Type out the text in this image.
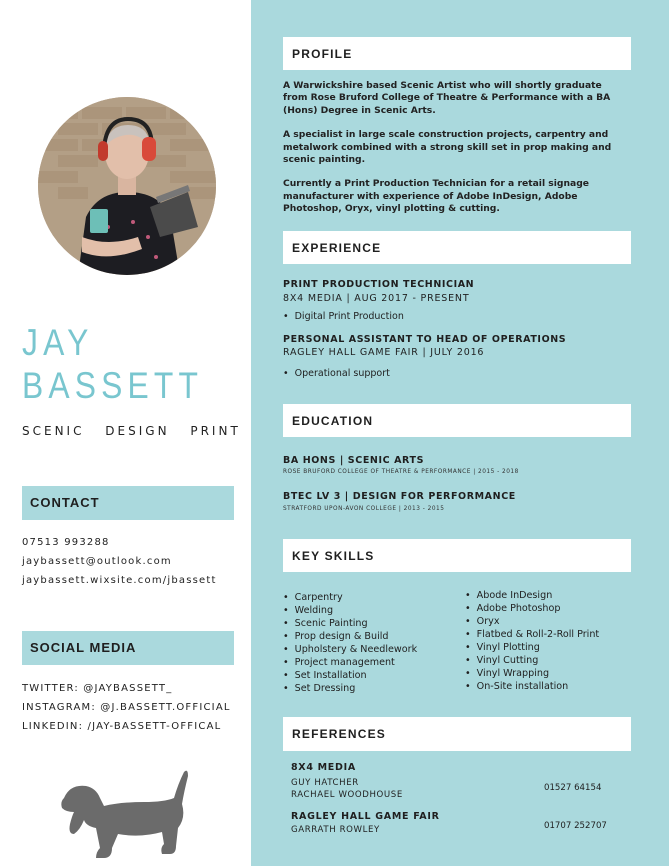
JAY
BASSETT
SCENIC DESIGN PRINT
CONTACT
07513 993288
jaybassett@outlook.com
jaybassett.wixsite.com/jbassett
SOCIAL MEDIA
TWITTER: @JAYBASSETT_
INSTAGRAM: @J.BASSETT.OFFICIAL
LINKEDIN: /JAY-BASSETT-OFFICAL
PROFILE

A Warwickshire based Scenic Artist who will shortly graduate from Rose Bruford College of Theatre & Performance with a BA (Hons) Degree in Scenic Arts.

A specialist in large scale construction projects, carpentry and metalwork combined with a strong skill set in prop making and scenic painting.

Currently a Print Production Technician for a retail signage manufacturer with experience of Adobe InDesign, Adobe Photoshop, Oryx, vinyl plotting & cutting.

EXPERIENCE
PRINT PRODUCTION TECHNICIAN
8X4 MEDIA | AUG 2017 - PRESENT
• Digital Print Production
PERSONAL ASSISTANT TO HEAD OF OPERATIONS
RAGLEY HALL GAME FAIR | JULY 2016
• Operational support
EDUCATION
BA HONS | SCENIC ARTS
ROSE BRUFORD COLLEGE OF THEATRE & PERFORMANCE | 2015 - 2018
BTEC LV 3 | DESIGN FOR PERFORMANCE
STRATFORD UPON-AVON COLLEGE | 2013 - 2015
KEY SKILLS
• Carpentry
• Welding
• Scenic Painting
• Prop design & Build
• Upholstery & Needlework
• Project management
• Set Installation
• Set Dressing
• Abode InDesign
• Adobe Photoshop
• Oryx
• Flatbed & Roll-2-Roll Print
• Vinyl Plotting
• Vinyl Cutting
• Vinyl Wrapping
• On-Site installation
REFERENCES
8X4 MEDIA
GUY HATCHER
RACHAEL WOODHOUSE
01527 64154
RAGLEY HALL GAME FAIR
GARRATH ROWLEY	01707 252707
